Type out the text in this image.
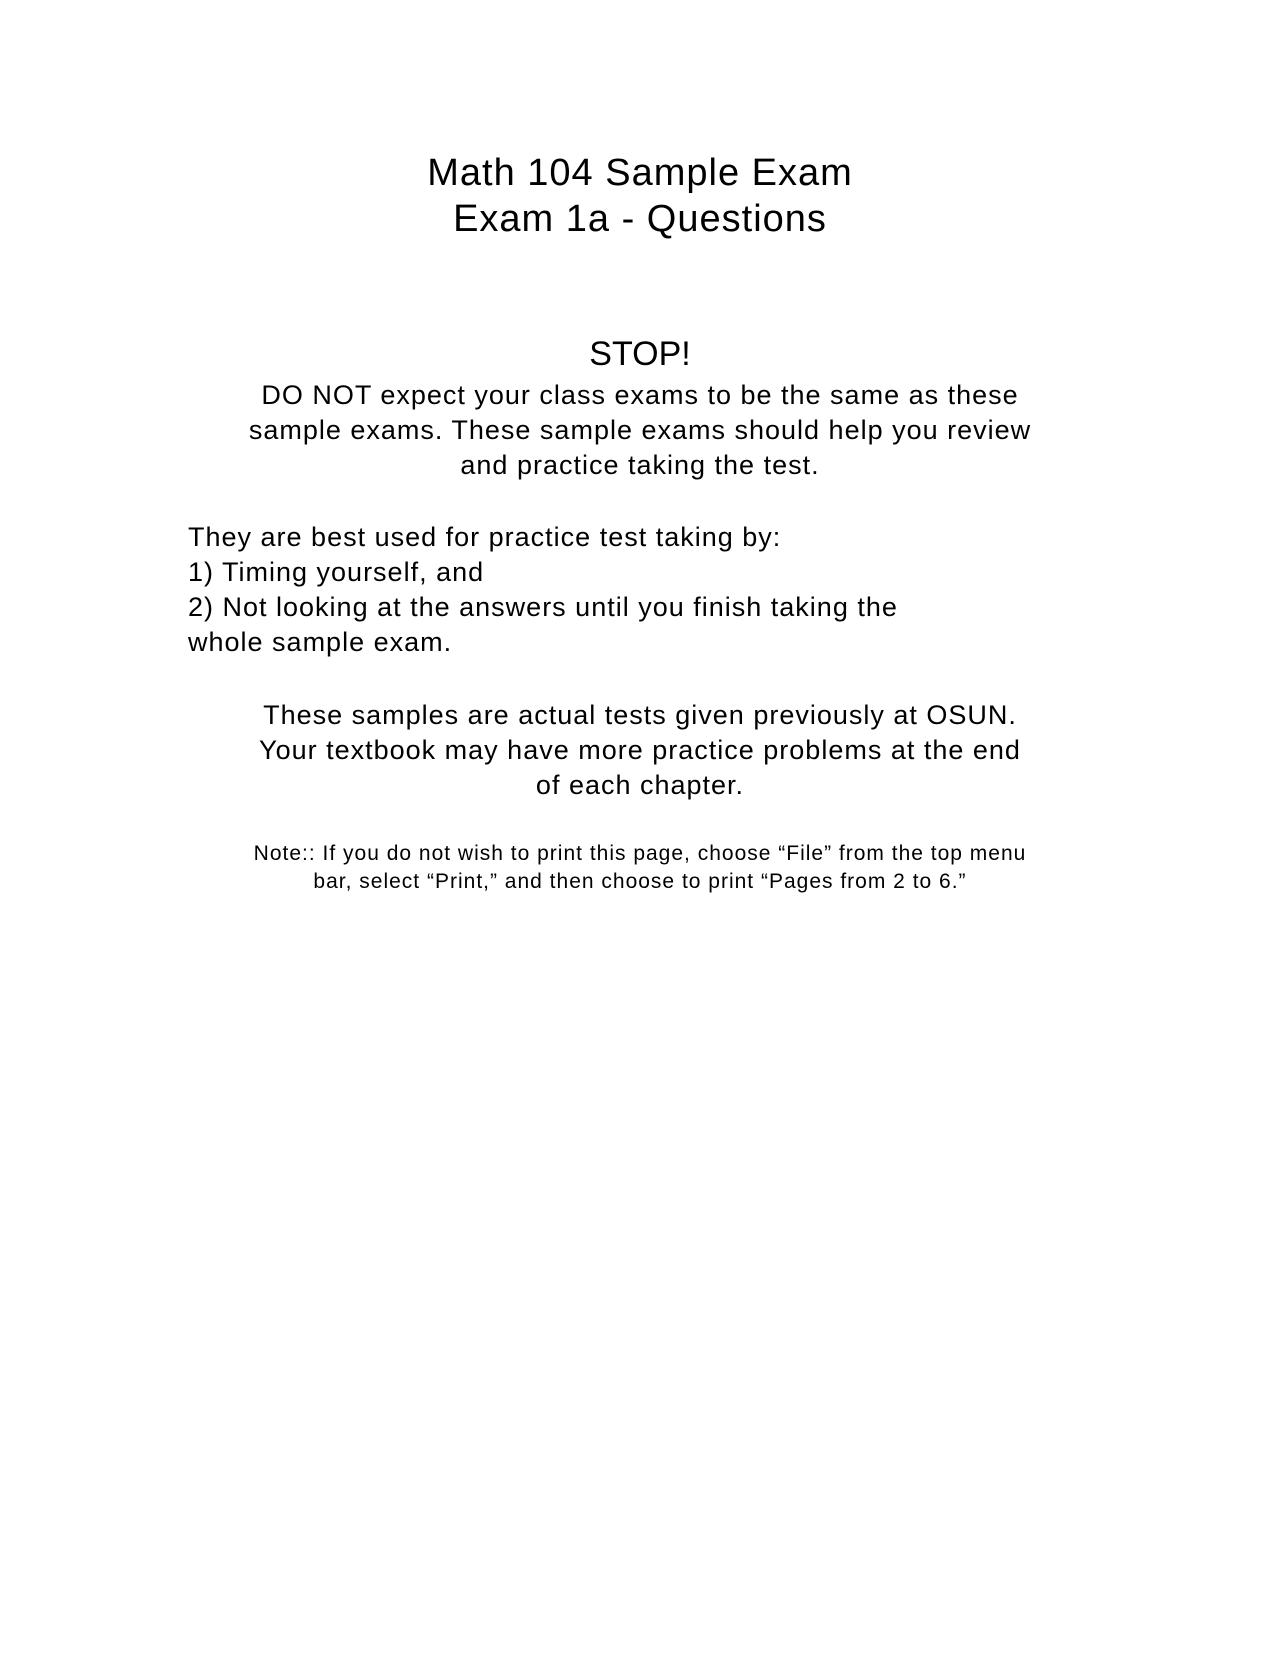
Math 104 Sample Exam
Exam 1a - Questions
STOP!
DO NOT expect your class exams to be the same as these
sample exams. These sample exams should help you review
and practice taking the test.
They are best used for practice test taking by:
1) Timing yourself, and
2) Not looking at the answers until you finish taking the
whole sample exam.
These samples are actual tests given previously at OSUN.
Your textbook may have more practice problems at the end
of each chapter.
Note:: If you do not wish to print this page, choose “File” from the top menu
bar, select “Print,” and then choose to print “Pages from 2 to 6.”
